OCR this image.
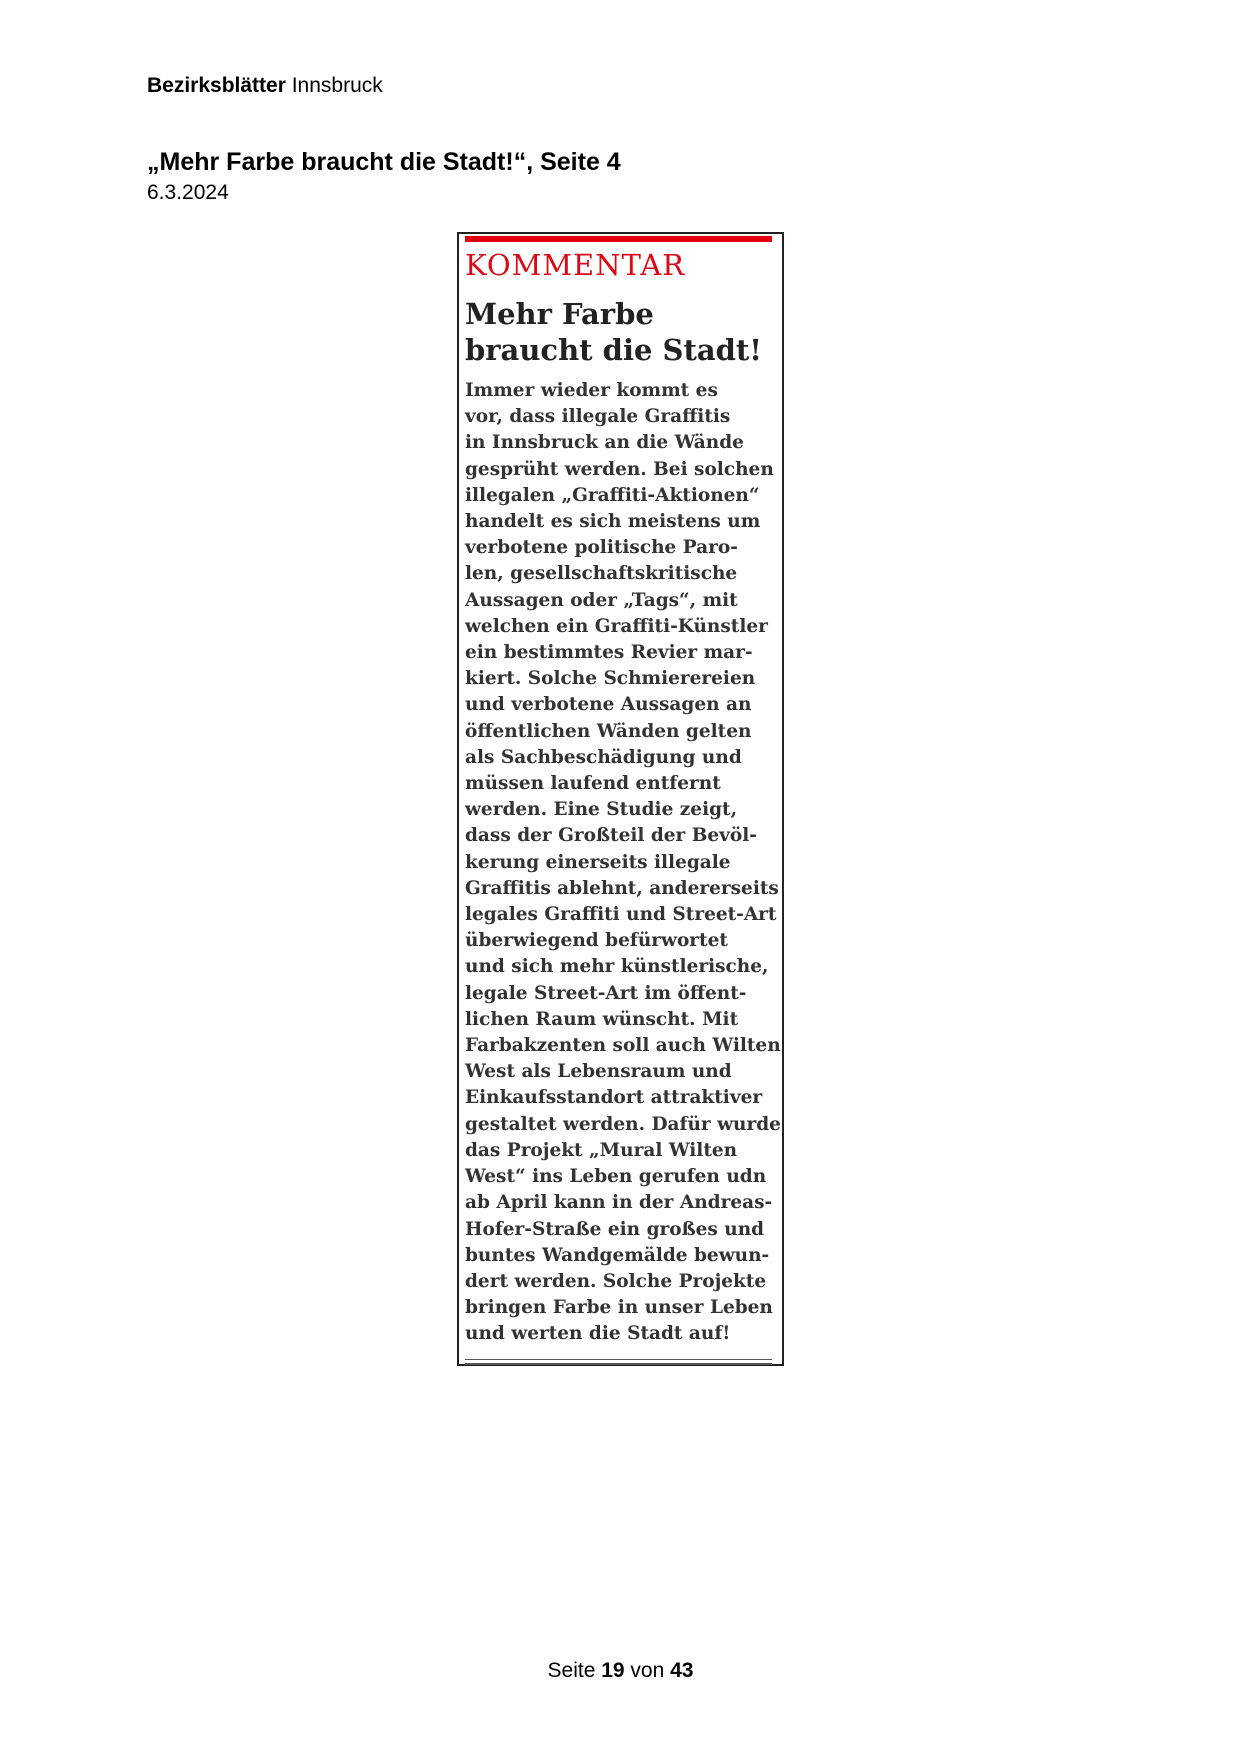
Bezirksblätter Innsbruck
„Mehr Farbe braucht die Stadt!“, Seite 4
6.3.2024
KOMMENTAR
Mehr Farbe
braucht die Stadt!
Immer wieder kommt es
vor, dass illegale Graffitis
in Innsbruck an die Wände
gesprüht werden. Bei solchen
illegalen „Graffiti-Aktionen“
handelt es sich meistens um
verbotene politische Paro-
len, gesellschaftskritische
Aussagen oder „Tags“, mit
welchen ein Graffiti-Künstler
ein bestimmtes Revier mar-
kiert. Solche Schmierereien
und verbotene Aussagen an
öffentlichen Wänden gelten
als Sachbeschädigung und
müssen laufend entfernt
werden. Eine Studie zeigt,
dass der Großteil der Bevöl-
kerung einerseits illegale
Graffitis ablehnt, andererseits
legales Graffiti und Street-Art
überwiegend befürwortet
und sich mehr künstlerische,
legale Street-Art im öffent-
lichen Raum wünscht. Mit
Farbakzenten soll auch Wilten
West als Lebensraum und
Einkaufsstandort attraktiver
gestaltet werden. Dafür wurde
das Projekt „Mural Wilten
West“ ins Leben gerufen udn
ab April kann in der Andreas-
Hofer-Straße ein großes und
buntes Wandgemälde bewun-
dert werden. Solche Projekte
bringen Farbe in unser Leben
und werten die Stadt auf!
Seite 19 von 43
